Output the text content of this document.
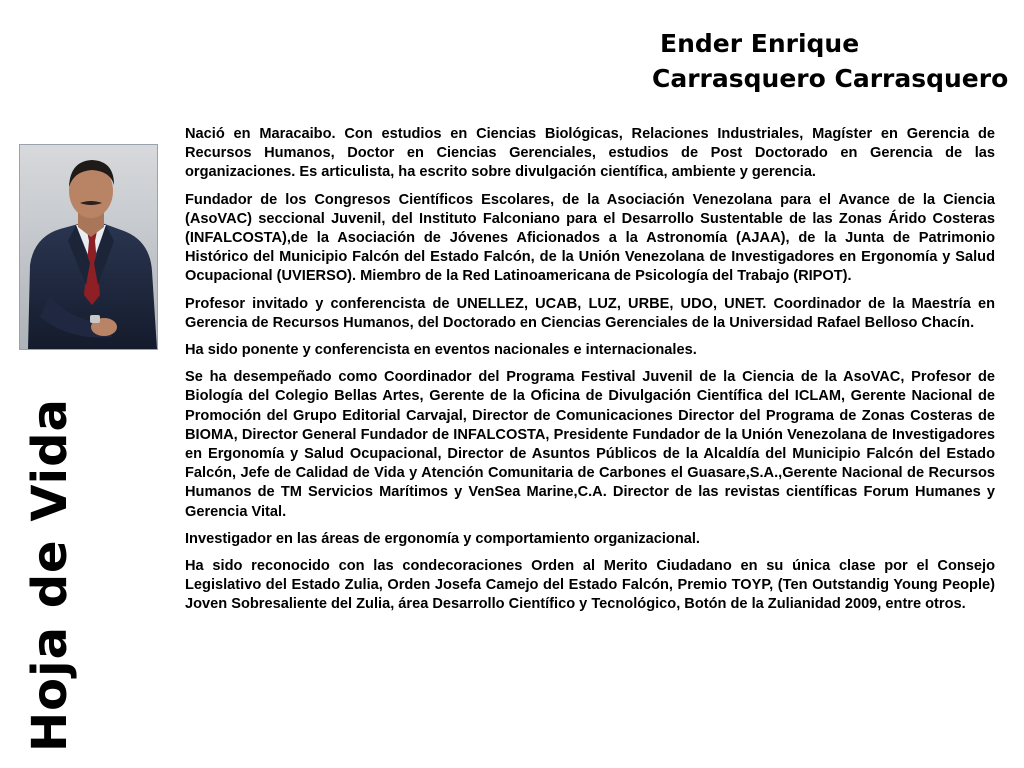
Ender Enrique
Carrasquero Carrasquero
Hoja de Vida

Nació en Maracaibo. Con estudios en Ciencias Biológicas, Relaciones Industriales, Magíster en Gerencia de Recursos Humanos, Doctor en Ciencias Gerenciales, estudios de Post Doctorado en Gerencia de las organizaciones. Es articulista, ha escrito sobre divulgación científica, ambiente y gerencia.

Fundador de los Congresos Científicos Escolares, de la Asociación Venezolana para el Avance de la Ciencia (AsoVAC) seccional Juvenil, del Instituto Falconiano para el Desarrollo Sustentable de las Zonas Árido Costeras (INFALCOSTA),de la Asociación de Jóvenes Aficionados a la Astronomía (AJAA), de la Junta de Patrimonio Histórico del Municipio Falcón del Estado Falcón, de la Unión Venezolana de Investigadores en Ergonomía y Salud Ocupacional (UVIERSO). Miembro de la Red Latinoamericana de Psicología del Trabajo (RIPOT).

Profesor invitado y conferencista de UNELLEZ, UCAB, LUZ, URBE, UDO, UNET. Coordinador de la Maestría en Gerencia de Recursos Humanos, del Doctorado en Ciencias Gerenciales de la Universidad Rafael Belloso Chacín.

Ha sido ponente y conferencista en eventos nacionales e internacionales.

Se ha desempeñado como Coordinador del Programa Festival Juvenil de la Ciencia de la AsoVAC, Profesor de Biología del Colegio Bellas Artes, Gerente de la Oficina de Divulgación Científica del ICLAM, Gerente Nacional de Promoción del Grupo Editorial Carvajal, Director de Comunicaciones Director del Programa de Zonas Costeras de BIOMA, Director General Fundador de INFALCOSTA, Presidente Fundador de la Unión Venezolana de Investigadores en Ergonomía y Salud Ocupacional, Director de Asuntos Públicos de la Alcaldía del Municipio Falcón del Estado Falcón, Jefe de Calidad de Vida y Atención Comunitaria de Carbones el Guasare,S.A.,Gerente Nacional de Recursos Humanos de TM Servicios Marítimos y VenSea Marine,C.A. Director de las revistas científicas Forum Humanes y Gerencia Vital.

Investigador en las áreas de ergonomía y comportamiento organizacional.

Ha sido reconocido con las condecoraciones Orden al Merito Ciudadano en su única clase por el Consejo Legislativo del Estado Zulia, Orden Josefa Camejo del Estado Falcón, Premio TOYP, (Ten Outstandig Young People) Joven Sobresaliente del Zulia, área Desarrollo Científico y Tecnológico, Botón de la Zulianidad 2009, entre otros.
